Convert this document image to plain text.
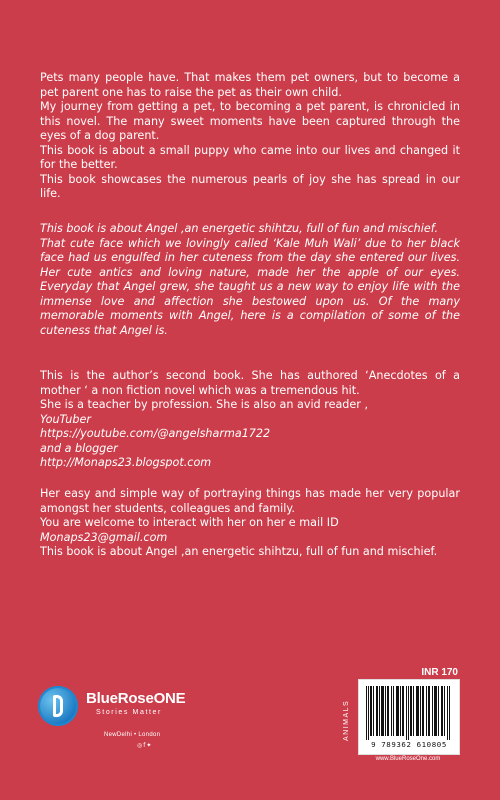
Pets many people have. That makes them pet owners, but to become a pet parent one has to raise the pet as their own child.

My journey from getting a pet, to becoming a pet parent, is chronicled in this novel. The many sweet moments have been captured through the eyes of a dog parent.

This book is about a small puppy who came into our lives and changed it for the better.

This book showcases the numerous pearls of joy she has spread in our life.

This book is about Angel ,an energetic shihtzu, full of fun and mischief.

That cute face which we lovingly called ‘Kale Muh Wali’ due to her black face had us engulfed in her cuteness from the day she entered our lives. Her cute antics and loving nature, made her the apple of our eyes. Everyday that Angel grew, she taught us a new way to enjoy life with the immense love and affection she bestowed upon us. Of the many memorable moments with Angel, here is a compilation of some of the cuteness that Angel is.

This is the author’s second book. She has authored ‘Anecdotes of a mother ‘ a non fiction novel which was a tremendous hit.

She is a teacher by profession. She is also an avid reader ,

YouTuber

https://youtube.com/@angelsharma1722

and a blogger

http://Monaps23.blogspot.com

Her easy and simple way of portraying things has made her very popular amongst her students, colleagues and family.

You are welcome to interact with her on her e mail ID

Monaps23@gmail.com

This book is about Angel ,an energetic shihtzu, full of fun and mischief.

BlueRoseONE
Stories Matter
NewDelhi • London
◎f✦
INR 170
ANIMALS
9 789362 610805
www.BlueRoseOne.com
